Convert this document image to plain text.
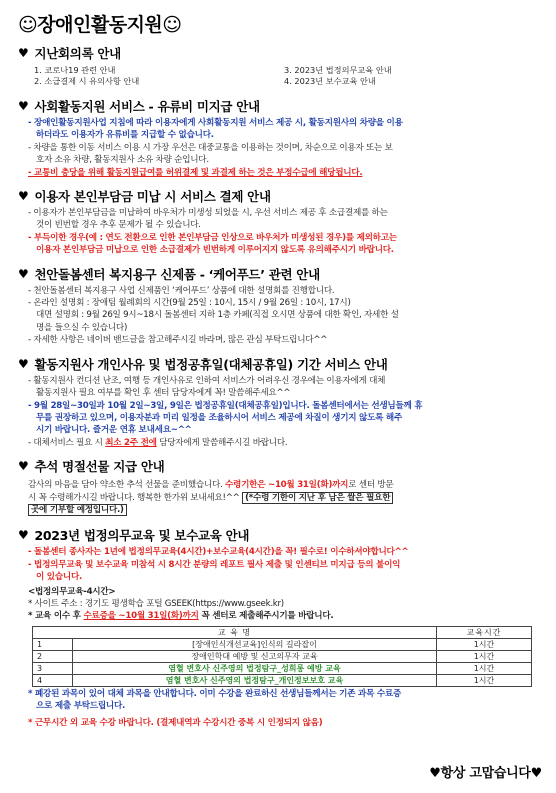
☺장애인활동지원☺
♥ 지난회의록 안내
1. 코로나19 관련 안내	3. 2023년 법정의무교육 안내
2. 소급결제 시 유의사항 안내	4. 2023년 보수교육 안내
♥ 사회활동지원 서비스 - 유류비 미지급 안내
- 장애인활동지원사업 지침에 따라 이용자에게 사회활동지원 서비스 제공 시, 활동지원사의 차량을 이용
하더라도 이용자가 유류비를 지급할 수 없습니다.
- 차량을 통한 이동 서비스 이용 시 가장 우선은 대중교통을 이용하는 것이며, 차순으로 이용자 또는 보
호자 소유 차량, 활동지원사 소유 차량 순입니다.
- 교통비 충당을 위해 활동지원급여를 허위결제 및 과결제 하는 것은 부정수급에 해당됩니다.
♥ 이용자 본인부담금 미납 시 서비스 결제 안내
- 이용자가 본인부담금을 미납하여 바우처가 미생성 되었을 시, 우선 서비스 제공 후 소급결제를 하는
것이 빈번할 경우 추후 문제가 될 수 있습니다.
- 부득이한 경우(예 : 연도 전환으로 인한 본인부담금 인상으로 바우처가 미생성된 경우)를 제외하고는
이용자 본인부담금 미납으로 인한 소급결제가 빈번하게 이루어지지 않도록 유의해주시기 바랍니다.
♥ 천안돌봄센터 복지용구 신제품 - ‘케어푸드’ 관련 안내
- 천안돌봄센터 복지용구 사업 신제품인 ‘케어푸드’ 상품에 대한 설명회를 진행합니다.
- 온라인 설명회 : 장애팀 월례회의 시간(9월 25일 : 10시, 15시 / 9월 26일 : 10시, 17시)
대면 설명회 : 9월 26일 9시~18시 돌봄센터 지하 1층 카페(직접 오시면 상품에 대한 확인, 자세한 설
명을 들으실 수 있습니다)
- 자세한 사항은 네이버 밴드글을 참고해주시길 바라며, 많은 관심 부탁드립니다^^
♥ 활동지원사 개인사유 및 법정공휴일(대체공휴일) 기간 서비스 안내
- 활동지원사 컨디션 난조, 여행 등 개인사유로 인하여 서비스가 어려우신 경우에는 이용자에게 대체
활동지원사 필요 여부를 확인 후 센터 담당자에게 꼭! 말씀해주세요^^
- 9월 28일~30일과 10월 2일~3일, 9일은 법정공휴일(대체공휴일)입니다. 돌봄센터에서는 선생님들께 휴
무를 권장하고 있으며, 이용자분과 미리 일정을 조율하시어 서비스 제공에 차질이 생기지 않도록 해주
시기 바랍니다. 즐거운 연휴 보내세요~^^
- 대체서비스 필요 시 최소 2주 전에 담당자에게 말씀해주시길 바랍니다.
♥ 추석 명절선물 지급 안내
감사의 마음을 담아 약소한 추석 선물을 준비했습니다. 수령기한은 ~10월 31일(화)까지로 센터 방문
시 꼭 수령해가시길 바랍니다. 행복한 한가위 보내세요!^^ (*수령 기한이 지난 후 남은 쌀은 필요한
곳에 기부할 예정입니다.)
♥ 2023년 법정의무교육 및 보수교육 안내
- 돌봄센터 종사자는 1년에 법정의무교육(4시간)+보수교육(4시간)을 꼭! 필수로! 이수하셔야합니다^^
- 법정의무교육 및 보수교육 미참석 시 8시간 분량의 레포트 필사 제출 및 인센티브 미지급 등의 불이익
이 있습니다.
<법정의무교육-4시간>
* 사이트 주소 : 경기도 평생학습 포털 GSEEK(https://www.gseek.kr)
* 교육 이수 후 수료증을 ~10월 31일(화)까지 꼭 센터로 제출해주시기를 바랍니다.
교 육 명		교육시간
1	[장애인식개선교육]인식의 길라잡이	1시간
2	장애인학대 예방 및 신고의무자 교육	1시간
3	염혈 변호사 신주영의 법정탐구_성희롱 예방 교육	1시간
4	염혈 변호사 신주영의 법정탐구_개인정보보호 교육	1시간
* 폐강된 과목이 있어 대체 과목을 안내합니다. 이미 수강을 완료하신 선생님들께서는 기존 과목 수료증
으로 제출 부탁드립니다.
* 근무시간 외 교육 수강 바랍니다. (결제내역과 수강시간 중복 시 인정되지 않음)
♥항상 고맙습니다♥
